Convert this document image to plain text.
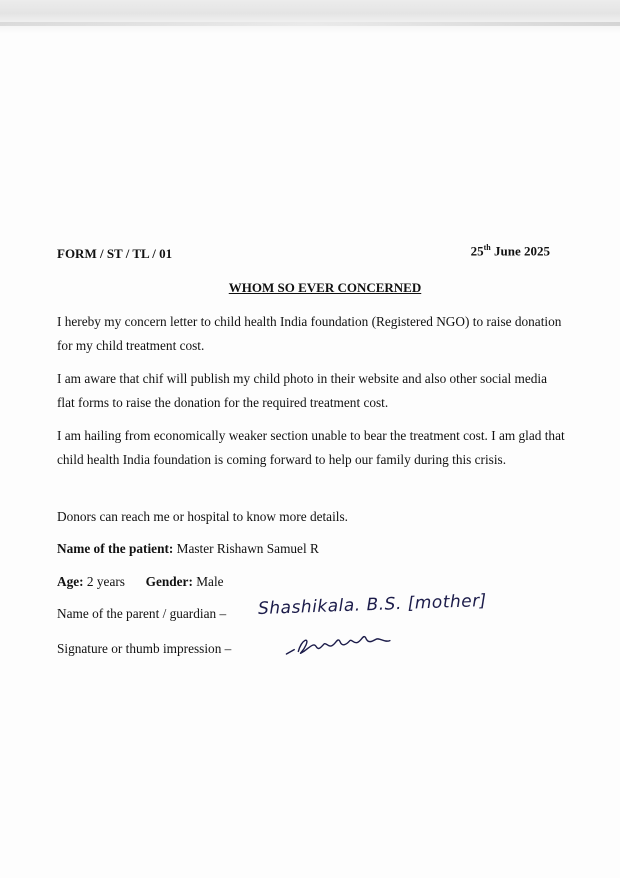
FORM / ST / TL / 01	25th June 2025
WHOM SO EVER CONCERNED

I hereby my concern letter to child health India foundation (Registered NGO) to raise donation for my child treatment cost.

I am aware that chif will publish my child photo in their website and also other social media flat forms to raise the donation for the required treatment cost.

I am hailing from economically weaker section unable to bear the treatment cost. I am glad that child health India foundation is coming forward to help our family during this crisis.

Donors can reach me or hospital to know more details.

Name of the patient: Master Rishawn Samuel R
Age: 2 years Gender: Male
Name of the parent / guardian – Shashikala. B.S. [mother]
Signature or thumb impression –
